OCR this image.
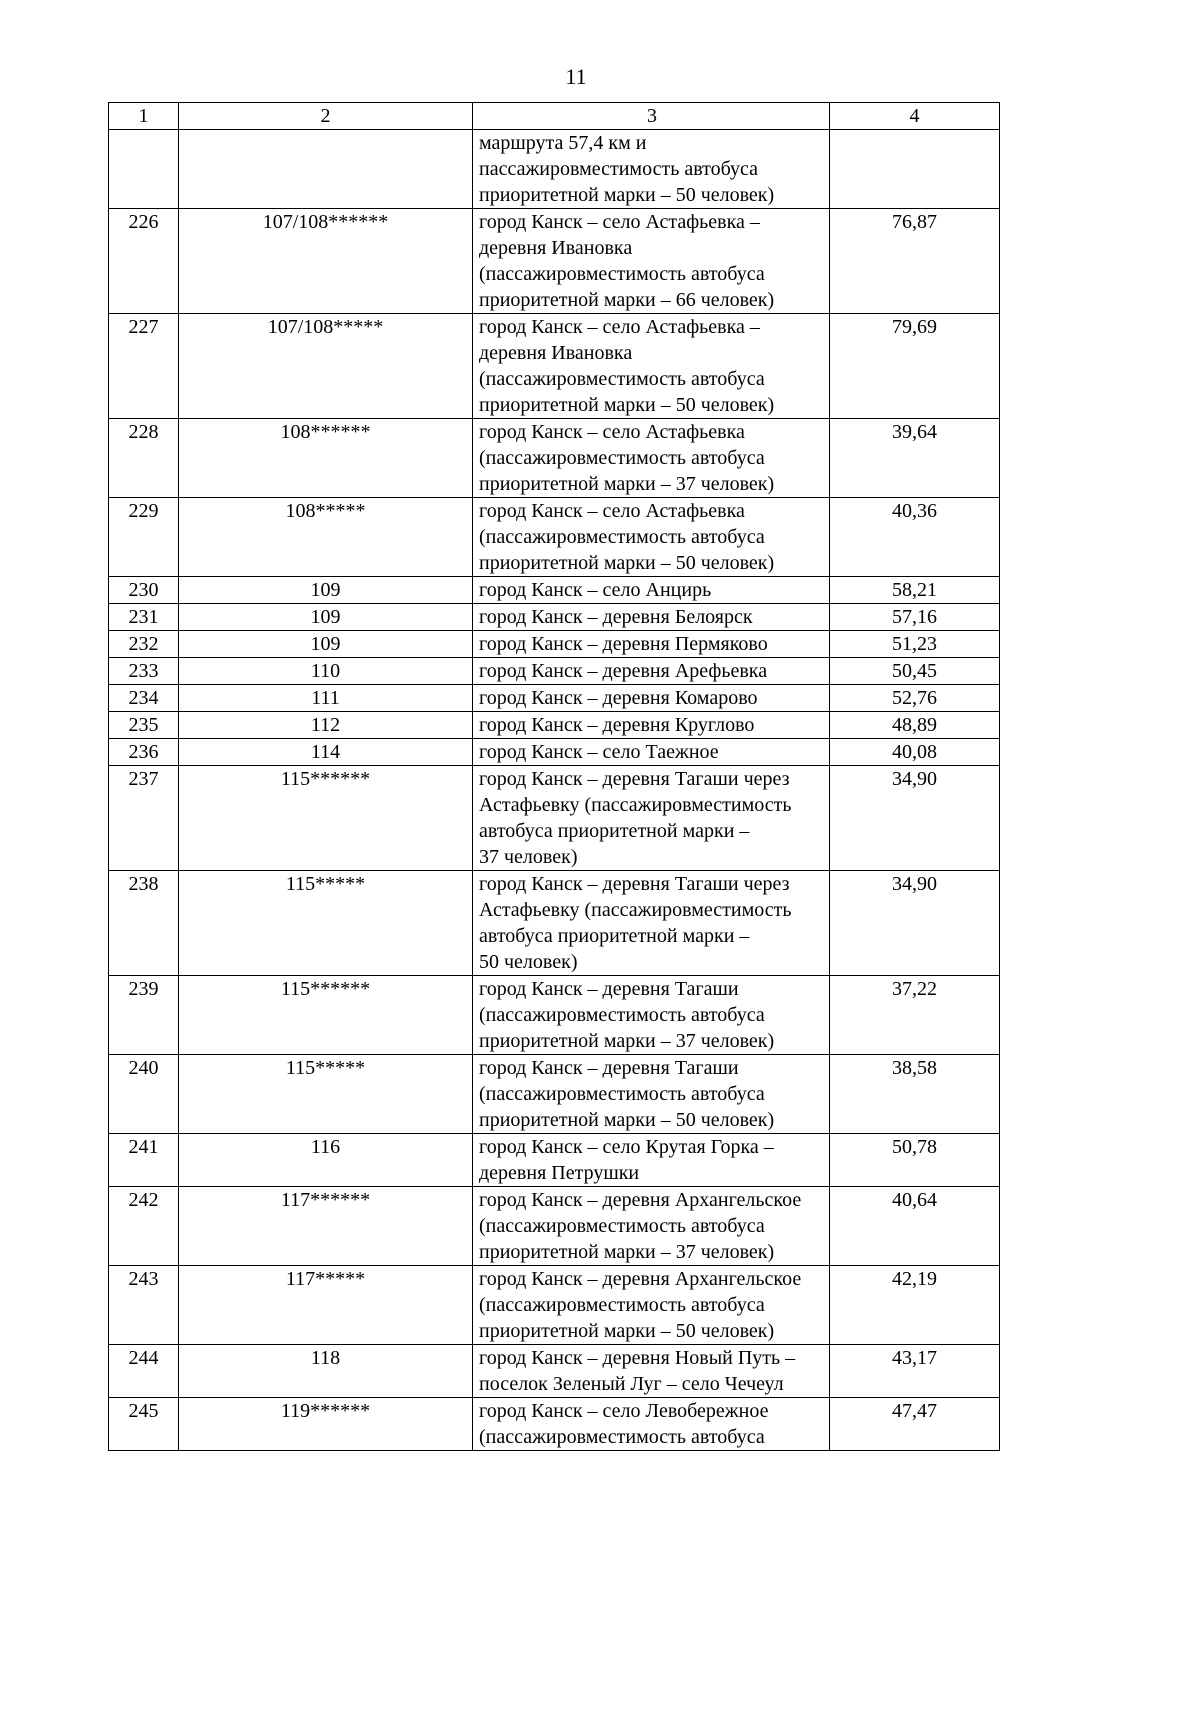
11
1	2	3	4

		маршрута 57,4 км и
пассажировместимость автобуса
приоритетной марки – 50 человек)	

226	107/108******	город Канск – село Астафьевка –
деревня Ивановка
(пассажировместимость автобуса
приоритетной марки – 66 человек)	76,87
227	107/108*****	город Канск – село Астафьевка –
деревня Ивановка
(пассажировместимость автобуса
приоритетной марки – 50 человек)	79,69
228	108******	город Канск – село Астафьевка
(пассажировместимость автобуса
приоритетной марки – 37 человек)	39,64
229	108*****	город Канск – село Астафьевка
(пассажировместимость автобуса
приоритетной марки – 50 человек)	40,36
230	109	город Канск – село Анцирь	58,21
231	109	город Канск – деревня Белоярск	57,16
232	109	город Канск – деревня Пермяково	51,23
233	110	город Канск – деревня Арефьевка	50,45
234	111	город Канск – деревня Комарово	52,76
235	112	город Канск – деревня Круглово	48,89
236	114	город Канск – село Таежное	40,08
237	115******	город Канск – деревня Тагаши через
Астафьевку (пассажировместимость
автобуса приоритетной марки –
37 человек)	34,90
238	115*****	город Канск – деревня Тагаши через
Астафьевку (пассажировместимость
автобуса приоритетной марки –
50 человек)	34,90
239	115******	город Канск – деревня Тагаши
(пассажировместимость автобуса
приоритетной марки – 37 человек)	37,22
240	115*****	город Канск – деревня Тагаши
(пассажировместимость автобуса
приоритетной марки – 50 человек)	38,58
241	116	город Канск – село Крутая Горка –
деревня Петрушки	50,78
242	117******	город Канск – деревня Архангельское
(пассажировместимость автобуса
приоритетной марки – 37 человек)	40,64
243	117*****	город Канск – деревня Архангельское
(пассажировместимость автобуса
приоритетной марки – 50 человек)	42,19
244	118	город Канск – деревня Новый Путь –
поселок Зеленый Луг – село Чечеул	43,17
245	119******	город Канск – село Левобережное
(пассажировместимость автобуса	47,47
